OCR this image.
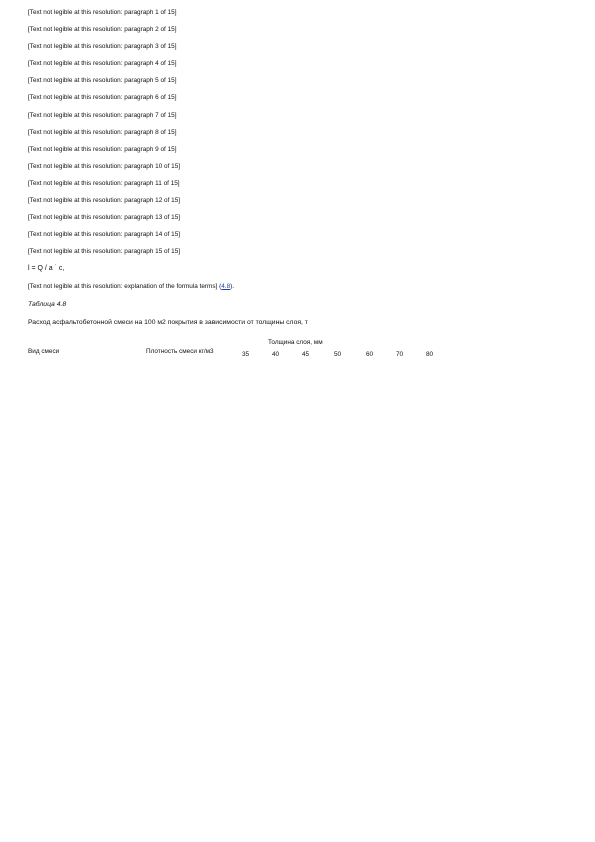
[Text not legible at this resolution: paragraph 1 of 15]

[Text not legible at this resolution: paragraph 2 of 15]

[Text not legible at this resolution: paragraph 3 of 15]

[Text not legible at this resolution: paragraph 4 of 15]

[Text not legible at this resolution: paragraph 5 of 15]

[Text not legible at this resolution: paragraph 6 of 15]

[Text not legible at this resolution: paragraph 7 of 15]

[Text not legible at this resolution: paragraph 8 of 15]

[Text not legible at this resolution: paragraph 9 of 15]

[Text not legible at this resolution: paragraph 10 of 15]

[Text not legible at this resolution: paragraph 11 of 15]

[Text not legible at this resolution: paragraph 12 of 15]

[Text not legible at this resolution: paragraph 13 of 15]

[Text not legible at this resolution: paragraph 14 of 15]

[Text not legible at this resolution: paragraph 15 of 15]

l = Q / a ˙ c,

[Text not legible at this resolution: explanation of the formula terms] (4.8).

Таблица 4.8

Расход асфальтобетонной смеси на 100 м2 покрытия в зависимости от толщины слоя, т

Толщина слоя, мм
Вид смеси	Плотность смеси кг/м3	35	40	45	50	60	70	80
